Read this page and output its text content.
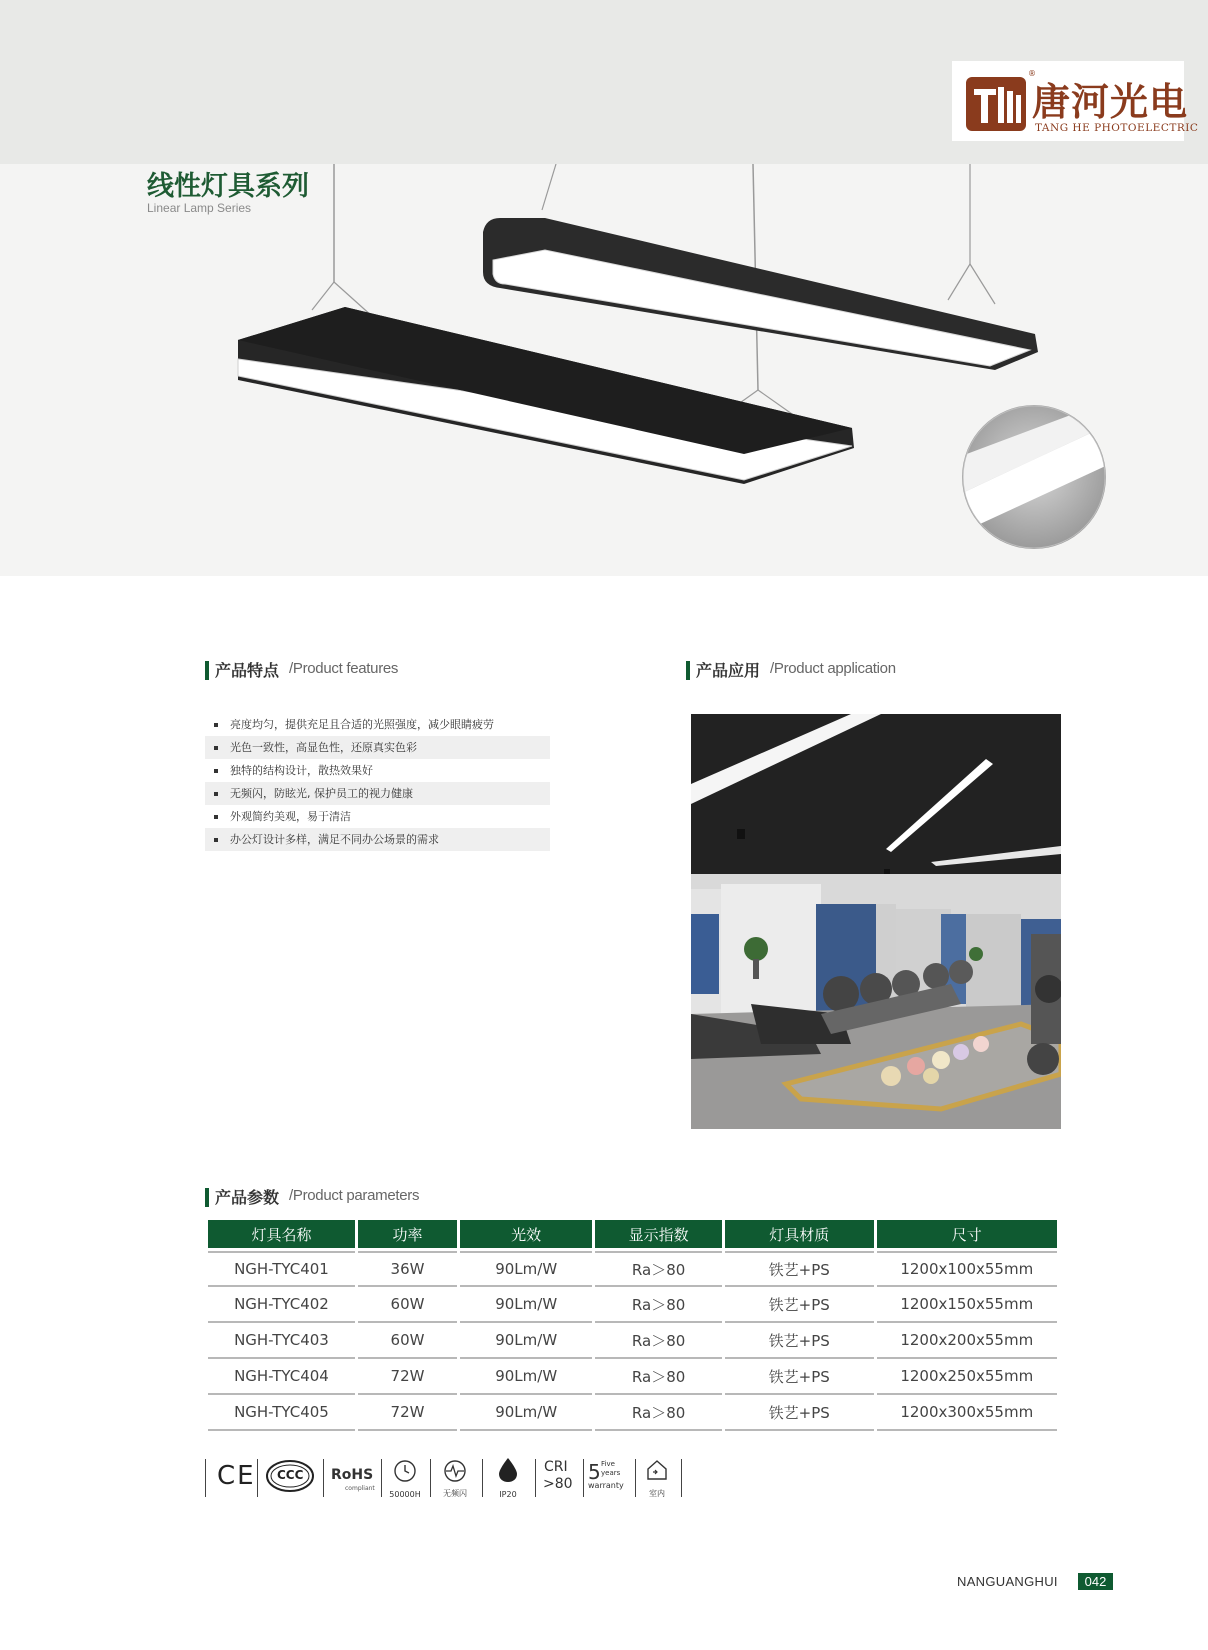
®
唐河光电
TANG HE PHOTOELECTRIC
线性灯具系列
Linear Lamp Series
产品特点 /Product features
亮度均匀，提供充足且合适的光照强度，减少眼睛疲劳
光色一致性，高显色性，还原真实色彩
独特的结构设计，散热效果好
无频闪，防眩光, 保护员工的视力健康
外观简约美观，易于清洁
办公灯设计多样，满足不同办公场景的需求
产品应用 /Product application
产品参数 /Product parameters
灯具名称	功率	光效	显示指数	灯具材质	尺寸
NGH-TYC401	36W	90Lm/W	Ra＞80	铁艺+PS	1200x100x55mm
NGH-TYC402	60W	90Lm/W	Ra＞80	铁艺+PS	1200x150x55mm
NGH-TYC403	60W	90Lm/W	Ra＞80	铁艺+PS	1200x200x55mm
NGH-TYC404	72W	90Lm/W	Ra＞80	铁艺+PS	1200x250x55mm
NGH-TYC405	72W	90Lm/W	Ra＞80	铁艺+PS	1200x300x55mm
CE CCC RoHS
compliant
50000H	无频闪	IP20
CRI
>80 5 Five
years
warranty
室内
NANGUANGHUI	042
